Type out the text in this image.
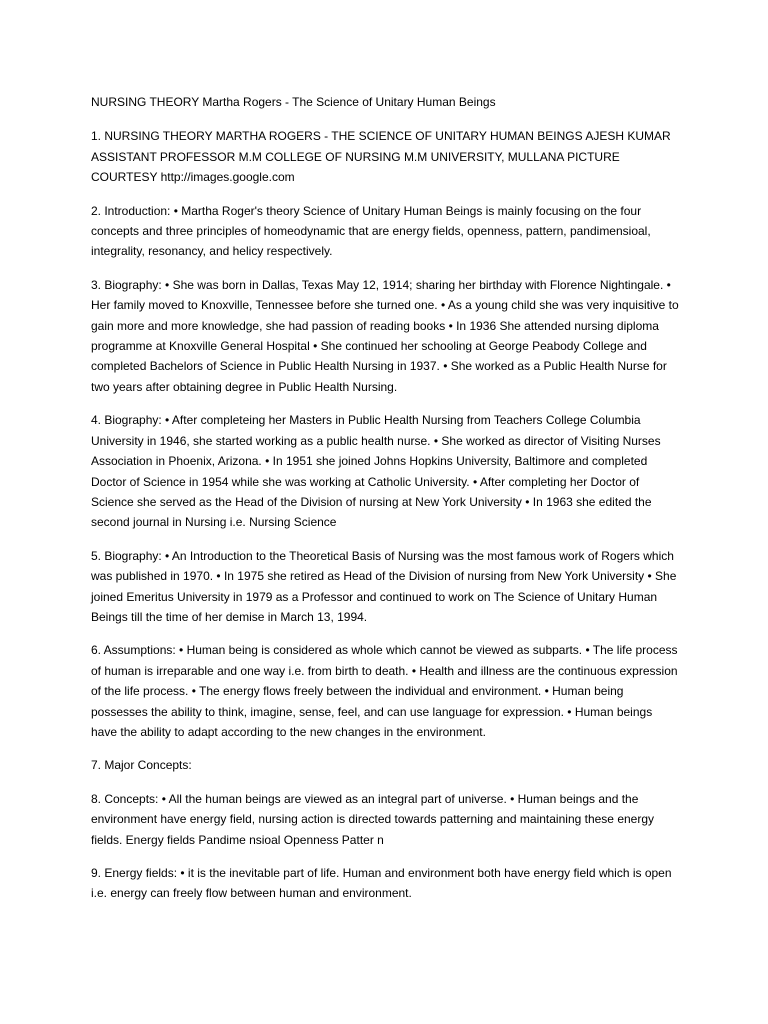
NURSING THEORY Martha Rogers - The Science of Unitary Human Beings

1. NURSING THEORY MARTHA ROGERS - THE SCIENCE OF UNITARY HUMAN BEINGS AJESH KUMAR ASSISTANT PROFESSOR M.M COLLEGE OF NURSING M.M UNIVERSITY, MULLANA PICTURE COURTESY http://images.google.com

2. Introduction: • Martha Roger's theory Science of Unitary Human Beings is mainly focusing on the four concepts and three principles of homeodynamic that are energy fields, openness, pattern, pandimensioal, integrality, resonancy, and helicy respectively.

3. Biography: • She was born in Dallas, Texas May 12, 1914; sharing her birthday with Florence Nightingale. • Her family moved to Knoxville, Tennessee before she turned one. • As a young child she was very inquisitive to gain more and more knowledge, she had passion of reading books • In 1936 She attended nursing diploma programme at Knoxville General Hospital • She continued her schooling at George Peabody College and completed Bachelors of Science in Public Health Nursing in 1937. • She worked as a Public Health Nurse for two years after obtaining degree in Public Health Nursing.

4. Biography: • After completeing her Masters in Public Health Nursing from Teachers College Columbia University in 1946, she started working as a public health nurse. • She worked as director of Visiting Nurses Association in Phoenix, Arizona. • In 1951 she joined Johns Hopkins University, Baltimore and completed Doctor of Science in 1954 while she was working at Catholic University. • After completing her Doctor of Science she served as the Head of the Division of nursing at New York University • In 1963 she edited the second journal in Nursing i.e. Nursing Science

5. Biography: • An Introduction to the Theoretical Basis of Nursing was the most famous work of Rogers which was published in 1970. • In 1975 she retired as Head of the Division of nursing from New York University • She joined Emeritus University in 1979 as a Professor and continued to work on The Science of Unitary Human Beings till the time of her demise in March 13, 1994.

6. Assumptions: • Human being is considered as whole which cannot be viewed as subparts. • The life process of human is irreparable and one way i.e. from birth to death. • Health and illness are the continuous expression of the life process. • The energy flows freely between the individual and environment. • Human being possesses the ability to think, imagine, sense, feel, and can use language for expression. • Human beings have the ability to adapt according to the new changes in the environment.

7. Major Concepts:

8. Concepts: • All the human beings are viewed as an integral part of universe. • Human beings and the environment have energy field, nursing action is directed towards patterning and maintaining these energy fields. Energy fields Pandime nsioal Openness Patter n

9. Energy fields: • it is the inevitable part of life. Human and environment both have energy field which is open i.e. energy can freely flow between human and environment.
